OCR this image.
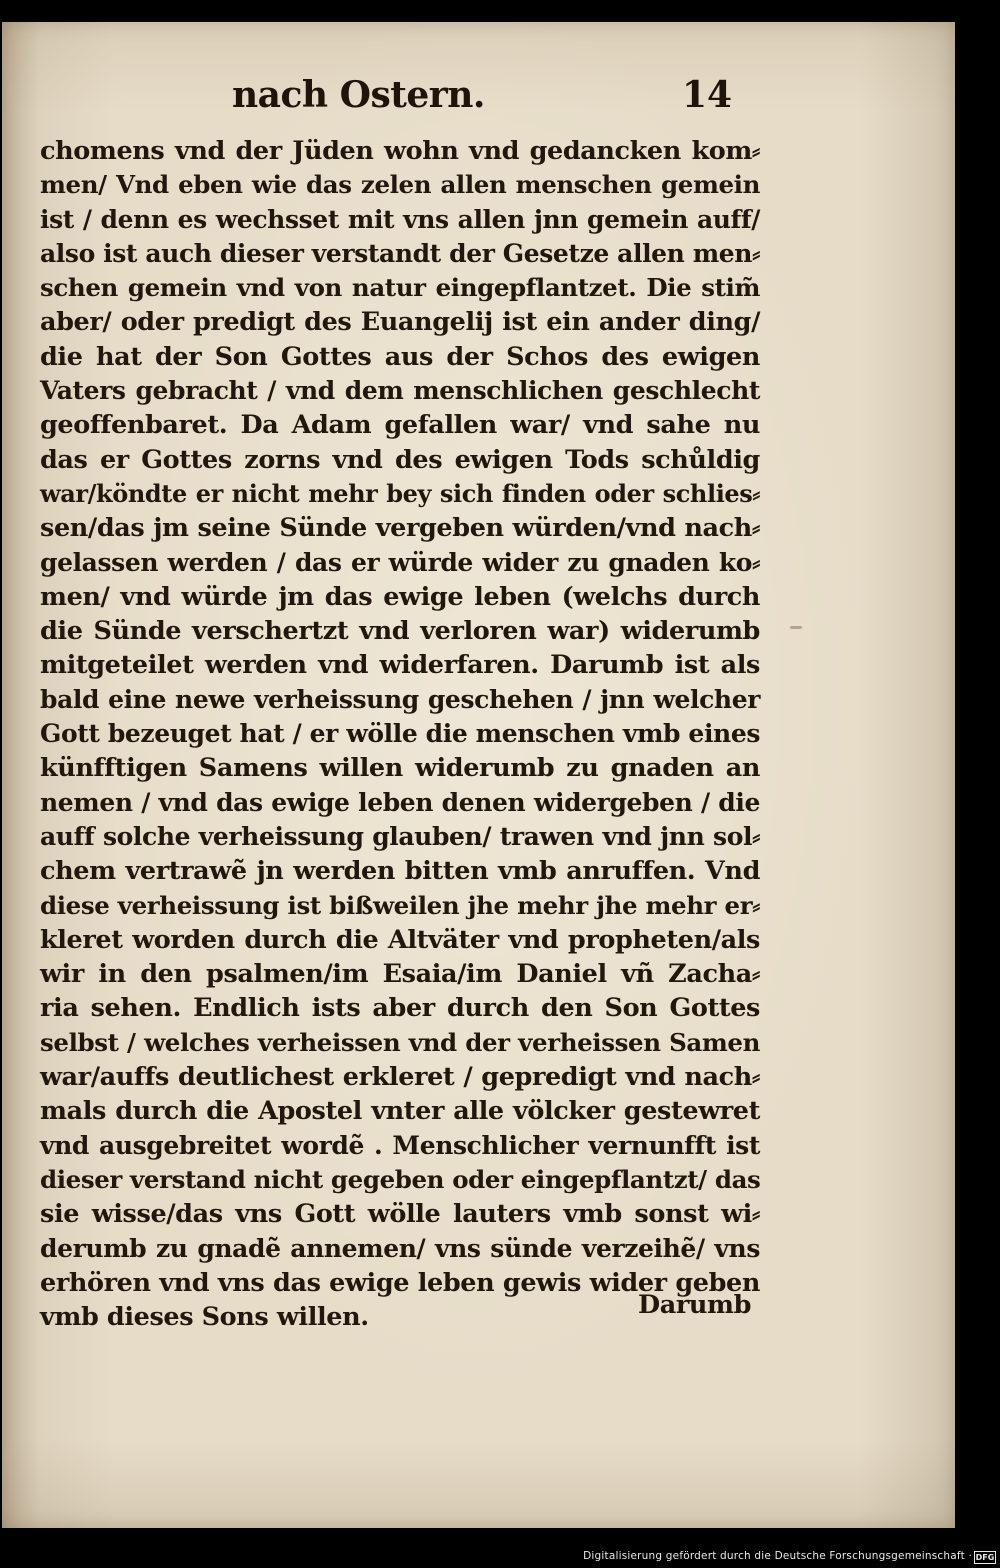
nach Ostern.	14
chomens vnd der Jüden wohn vnd gedancken kom⸗
men/ Vnd eben wie das zelen allen menschen gemein
ist / denn es wechsset mit vns allen jnn gemein auff/
also ist auch dieser verstandt der Gesetze allen men⸗
schen gemein vnd von natur eingepflantzet. Die stim̃
aber/ oder predigt des Euangelij ist ein ander ding/
die hat der Son Gottes aus der Schos des ewigen
Vaters gebracht / vnd dem menschlichen geschlecht
geoffenbaret. Da Adam gefallen war/ vnd sahe nu
das er Gottes zorns vnd des ewigen Tods schůldig
war/köndte er nicht mehr bey sich finden oder schlies⸗
sen/das jm seine Sünde vergeben würden/vnd nach⸗
gelassen werden / das er würde wider zu gnaden ko⸗
men/ vnd würde jm das ewige leben (welchs durch
die Sünde verschertzt vnd verloren war) widerumb
mitgeteilet werden vnd widerfaren. Darumb ist als
bald eine newe verheissung geschehen / jnn welcher
Gott bezeuget hat / er wölle die menschen vmb eines
künfftigen Samens willen widerumb zu gnaden an
nemen / vnd das ewige leben denen widergeben / die
auff solche verheissung glauben/ trawen vnd jnn sol⸗
chem vertrawẽ jn werden bitten vmb anruffen. Vnd
diese verheissung ist bißweilen jhe mehr jhe mehr er⸗
kleret worden durch die Altväter vnd propheten/als
wir in den psalmen/im Esaia/im Daniel vñ Zacha⸗
ria sehen. Endlich ists aber durch den Son Gottes
selbst / welches verheissen vnd der verheissen Samen
war/auffs deutlichest erkleret / gepredigt vnd nach⸗
mals durch die Apostel vnter alle völcker gestewret
vnd ausgebreitet wordẽ . Menschlicher vernunfft ist
dieser verstand nicht gegeben oder eingepflantzt/ das
sie wisse/das vns Gott wölle lauters vmb sonst wi⸗
derumb zu gnadẽ annemen/ vns sünde verzeihẽ/ vns
erhören vnd vns das ewige leben gewis wider geben
vmb dieses Sons willen.	Darumb
Digitalisierung gefördert durch die Deutsche Forschungsgemeinschaft · DFG
